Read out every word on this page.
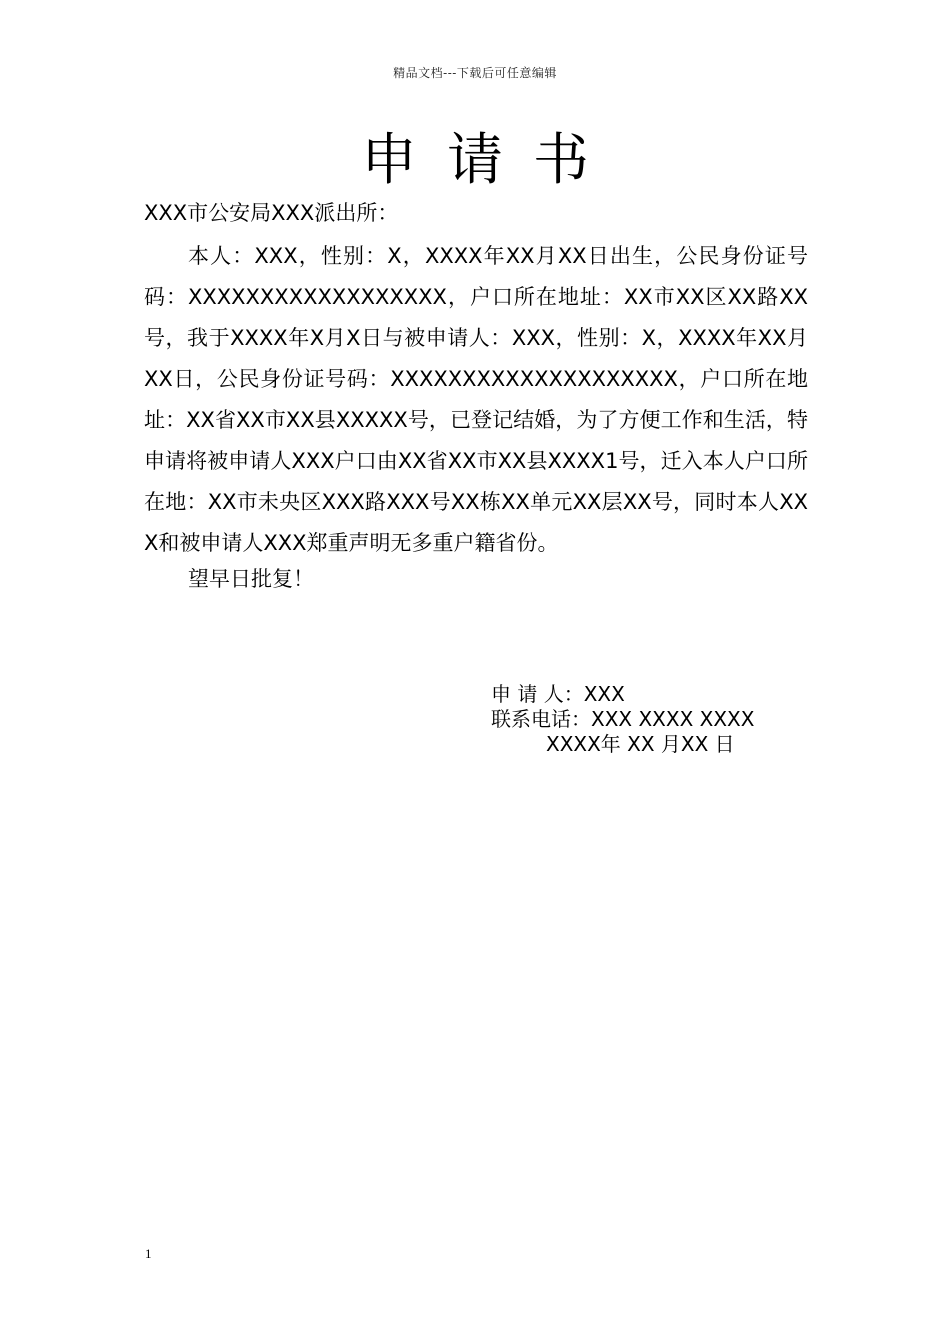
精品文档---下载后可任意编辑
申请书
XXX市公安局XXX派出所：

本人：XXX，性别：X，XXXX年XX月XX日出生，公民身份证号码：XXXXXXXXXXXXXXXXXX，户口所在地址：XX市XX区XX路XX号，我于XXXX年X月X日与被申请人：XXX，性别：X，XXXX年XX月XX日，公民身份证号码：XXXXXXXXXXXXXXXXXXXX，户口所在地址：XX省XX市XX县XXXXX号，已登记结婚，为了方便工作和生活，特申请将被申请人XXX户口由XX省XX市XX县XXXX1号，迁入本人户口所在地：XX市未央区XXX路XXX号XX栋XX单元XX层XX号，同时本人XXX和被申请人XXX郑重声明无多重户籍省份。

望早日批复！
申 请 人：XXX
联系电话：XXX XXXX XXXX
XXXX年 XX 月XX 日
1
